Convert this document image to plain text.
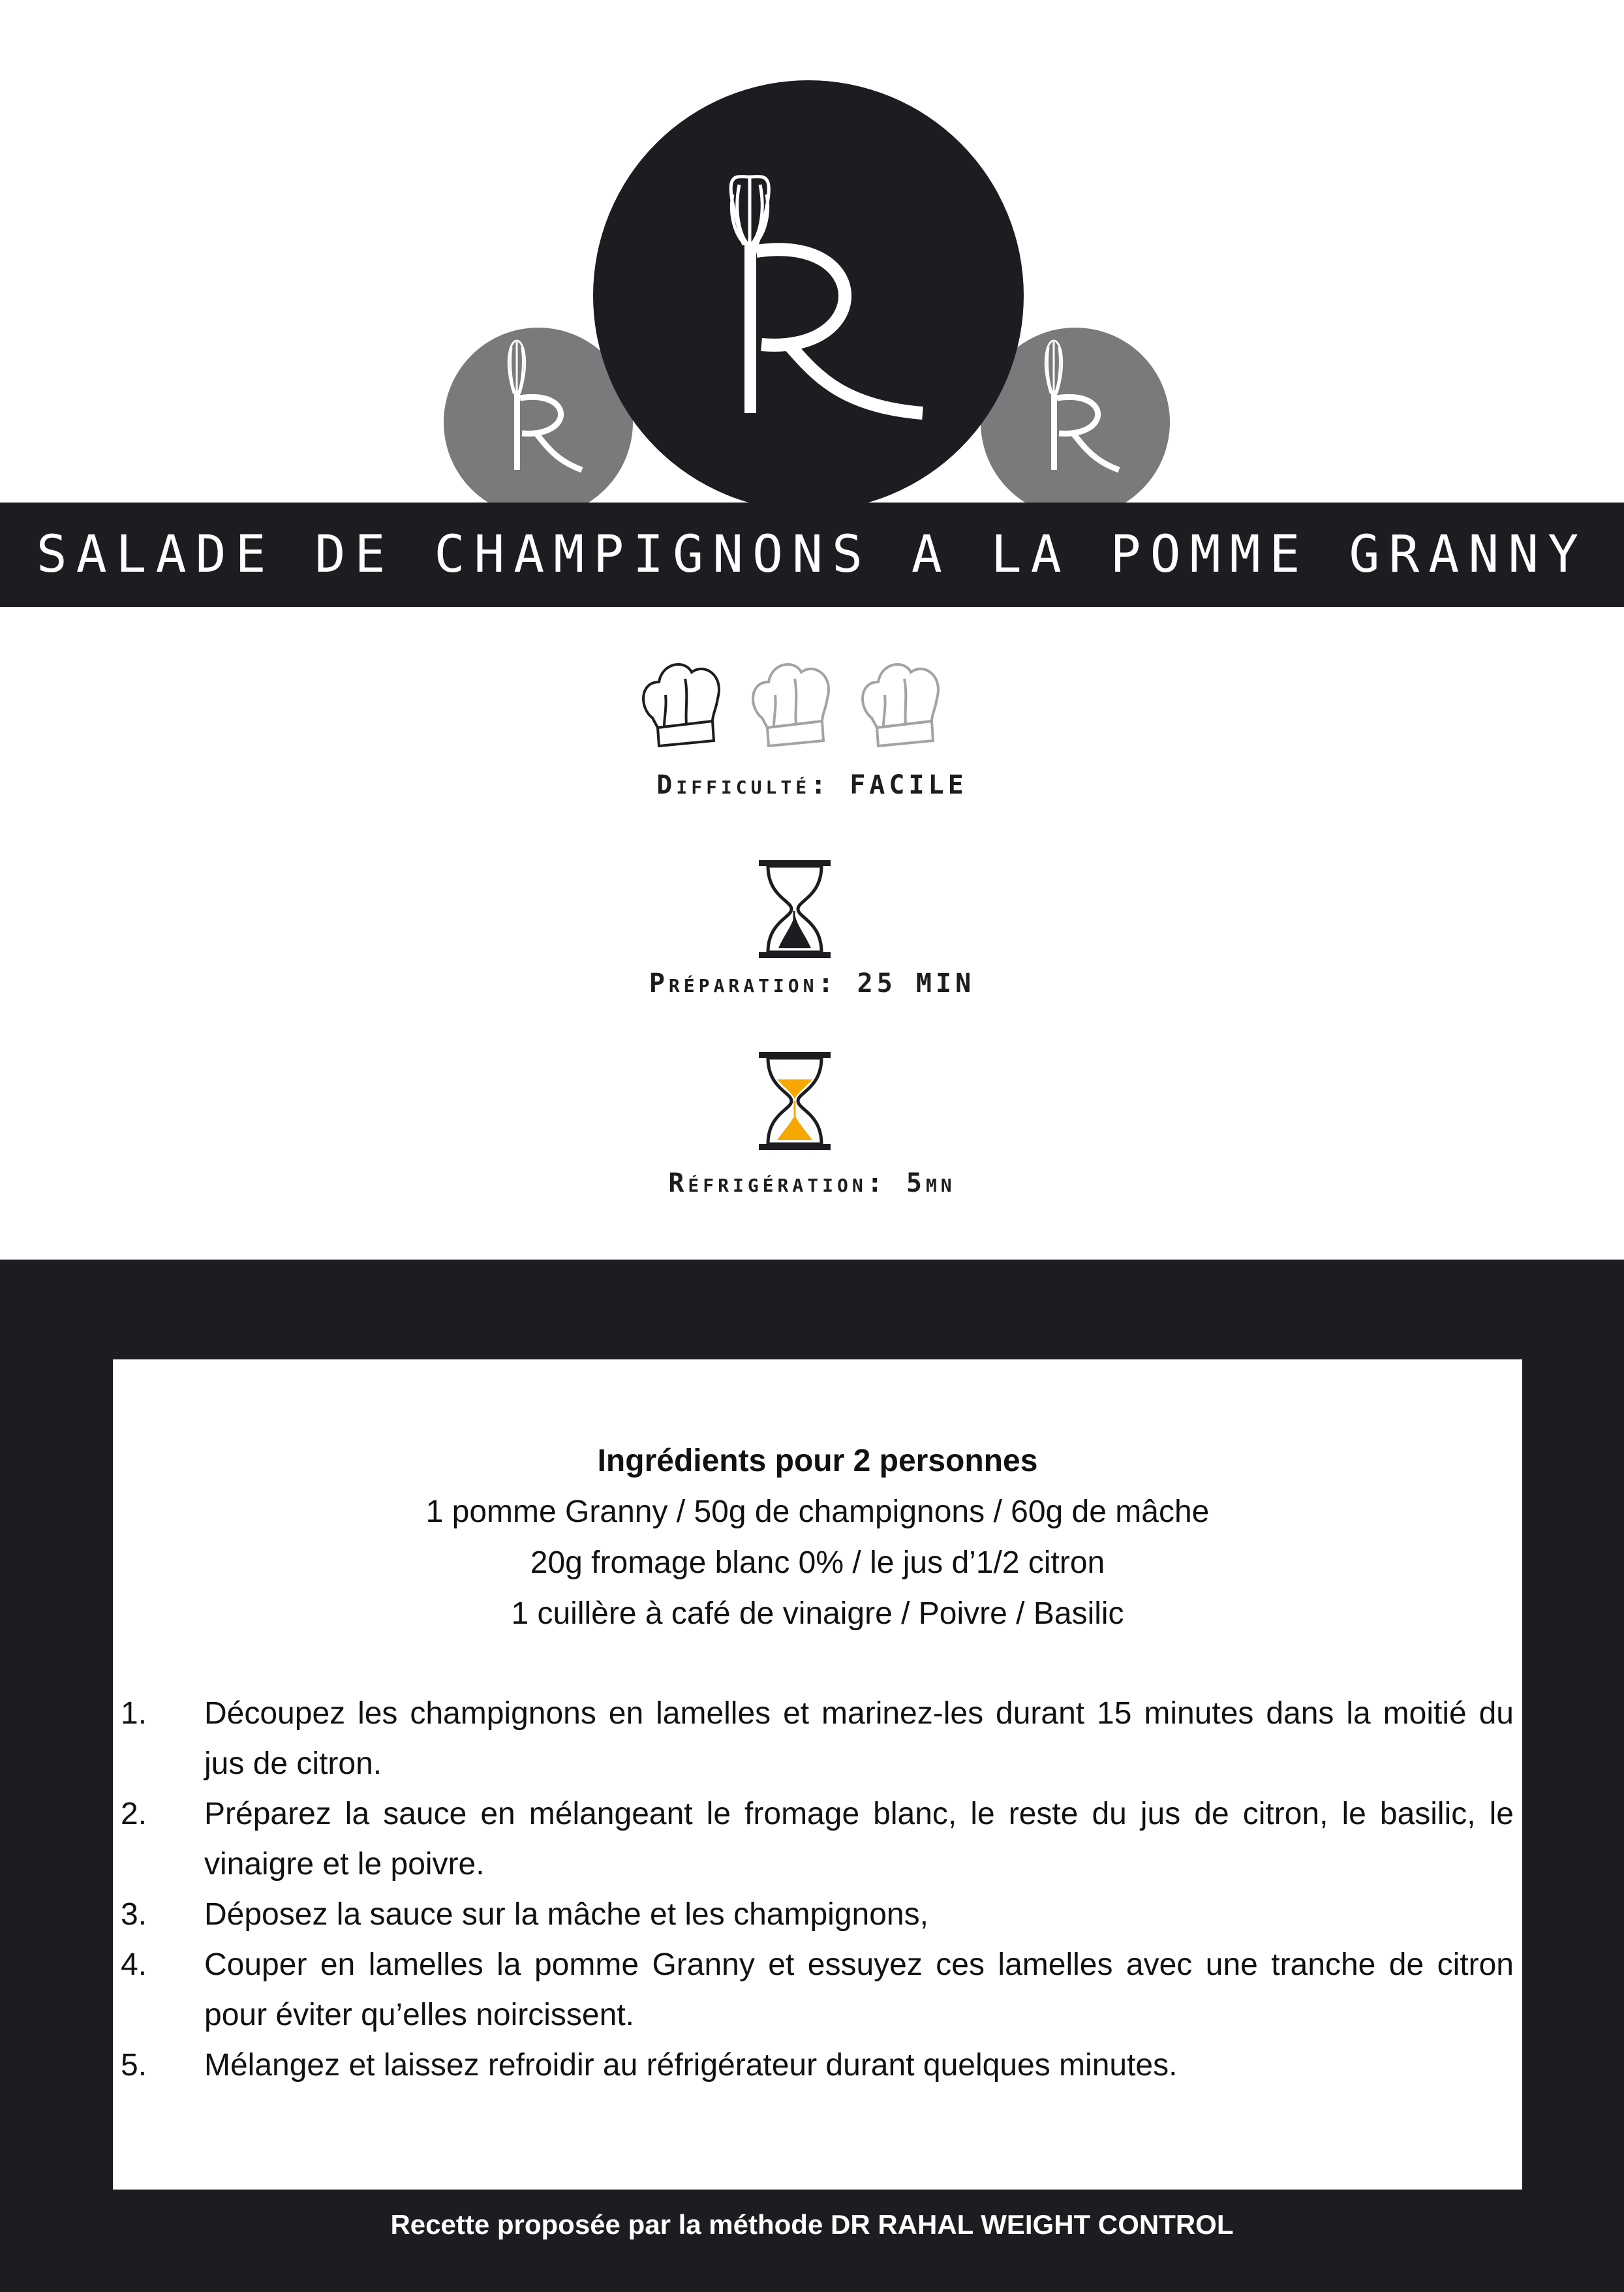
SALADE DE CHAMPIGNONS A LA POMME GRANNY

Difficulté: FACILE
Préparation: 25 MIN
Réfrigération: 5mn
Ingrédients pour 2 personnes
1 pomme Granny / 50g de champignons / 60g de mâche
20g fromage blanc 0% / le jus d’1/2 citron
1 cuillère à café de vinaigre / Poivre / Basilic
1.	Découpez les champignons en lamelles et marinez-les durant 15 minutes dans la moitié du jus de citron.
2.	Préparez la sauce en mélangeant le fromage blanc, le reste du jus de citron, le basilic, le vinaigre et le poivre.
3.	Déposez la sauce sur la mâche et les champignons,
4.	Couper en lamelles la pomme Granny et essuyez ces lamelles avec une tranche de citron pour éviter qu’elles noircissent.
5.	Mélangez et laissez refroidir au réfrigérateur durant quelques minutes.
Recette proposée par la méthode DR RAHAL WEIGHT CONTROL
